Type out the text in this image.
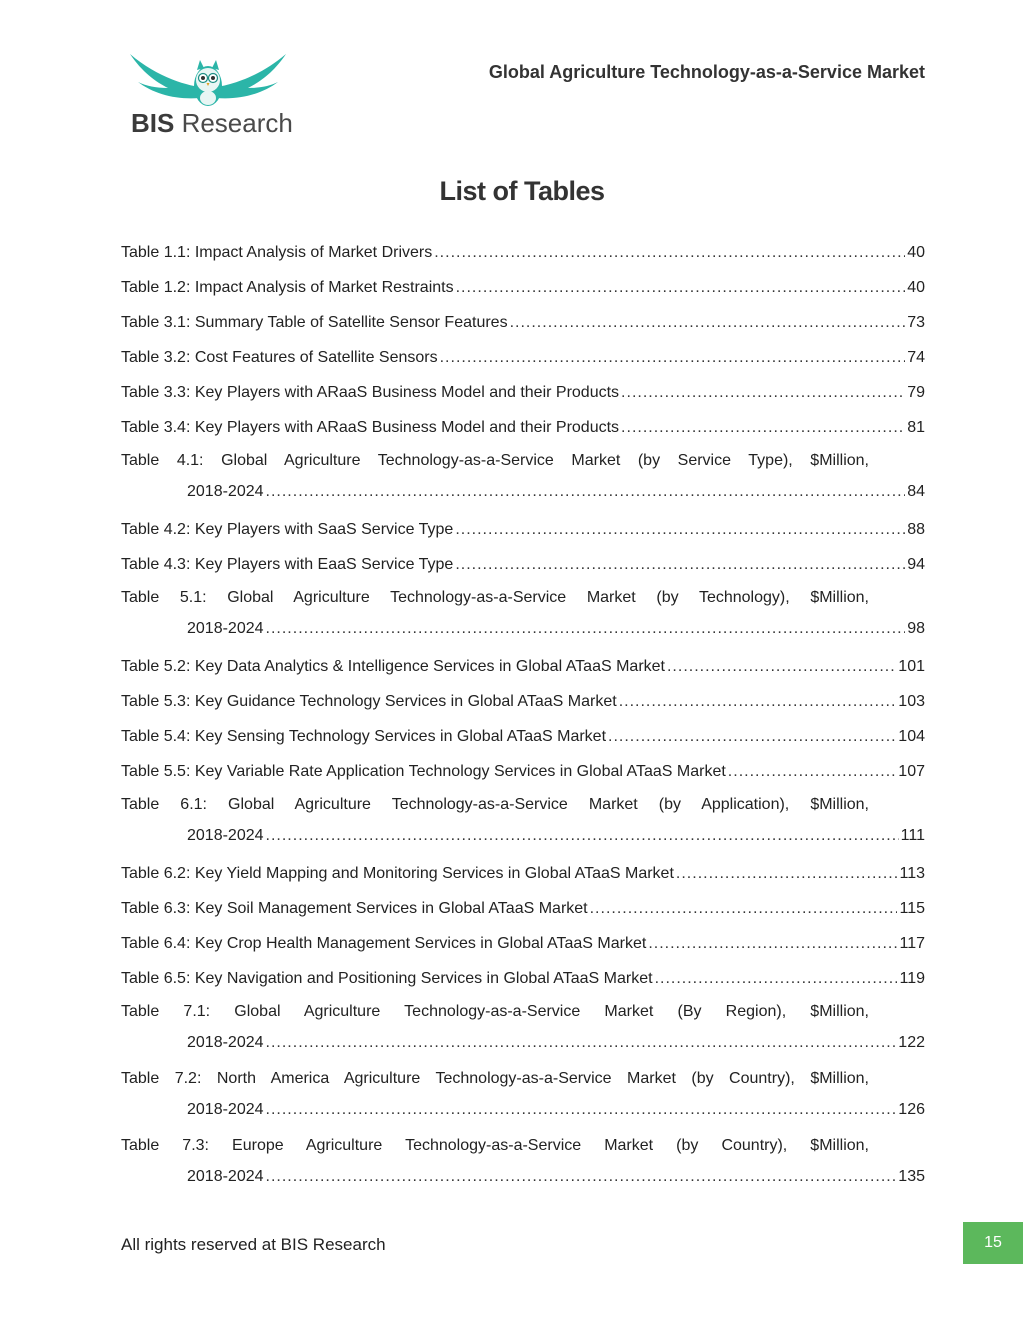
BIS Research
Global Agriculture Technology-as-a-Service Market
List of Tables
Table 1.1: Impact Analysis of Market Drivers .....	40
Table 1.2: Impact Analysis of Market Restraints .....	40
Table 3.1: Summary Table of Satellite Sensor Features .....	73
Table 3.2: Cost Features of Satellite Sensors .....	74
Table 3.3: Key Players with ARaaS Business Model and their Products .....	79
Table 3.4: Key Players with ARaaS Business Model and their Products .....	81
Table 4.1: Global Agriculture Technology-as-a-Service Market (by Service Type), $Million,
2018-2024 .....	84
Table 4.2: Key Players with SaaS Service Type .....	88
Table 4.3: Key Players with EaaS Service Type .....	94
Table 5.1: Global Agriculture Technology-as-a-Service Market (by Technology), $Million,
2018-2024 .....	98
Table 5.2: Key Data Analytics & Intelligence Services in Global ATaaS Market .....	101
Table 5.3: Key Guidance Technology Services in Global ATaaS Market .....	103
Table 5.4: Key Sensing Technology Services in Global ATaaS Market .....	104
Table 5.5: Key Variable Rate Application Technology Services in Global ATaaS Market .....	107
Table 6.1: Global Agriculture Technology-as-a-Service Market (by Application), $Million,
2018-2024 .....	111
Table 6.2: Key Yield Mapping and Monitoring Services in Global ATaaS Market .....	113
Table 6.3: Key Soil Management Services in Global ATaaS Market .....	115
Table 6.4: Key Crop Health Management Services in Global ATaaS Market .....	117
Table 6.5: Key Navigation and Positioning Services in Global ATaaS Market .....	119
Table 7.1: Global Agriculture Technology-as-a-Service Market (By Region), $Million,
2018-2024 .....	122
Table 7.2: North America Agriculture Technology-as-a-Service Market (by Country), $Million,
2018-2024 .....	126
Table 7.3: Europe Agriculture Technology-as-a-Service Market (by Country), $Million,
2018-2024 .....	135
All rights reserved at BIS Research	15
